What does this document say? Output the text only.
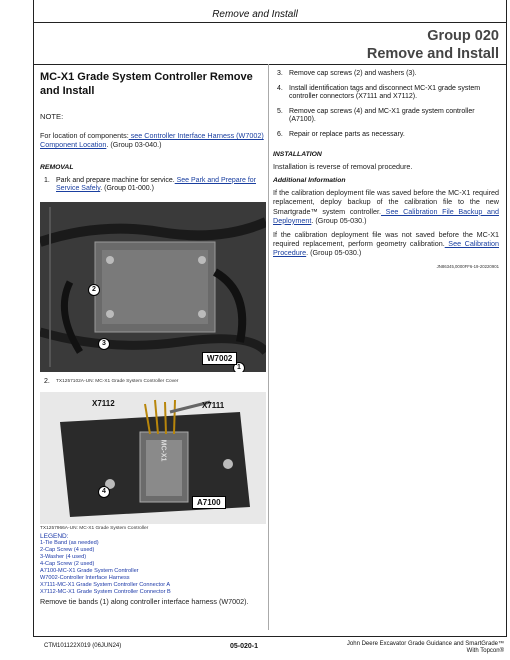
Remove and Install
Group 020
Remove and Install
MC-X1 Grade System Controller Remove and Install
NOTE:
For location of components: see Controller Interface Harness (W7002) Component Location. (Group 03-040.)
REMOVAL
1. Park and prepare machine for service. See Park and Prepare for Service Safely. (Group 01-000.)
2
3
1
W7002
2.	TX1257102A-UN: MC-X1 Grade System Controller Cover
X7112	X7111
4
A7100
MC-X1
TX1257966A-UN: MC-X1 Grade System Controller
LEGEND:
1-Tie Band (as needed)
2-Cap Screw (4 used)
3-Washer (4 used)
4-Cap Screw (2 used)
A7100-MC-X1 Grade System Controller
W7002-Controller Interface Harness
X7111-MC-X1 Grade System Controller Connector A
X7112-MC-X1 Grade System Controller Connector B
Remove tie bands (1) along controller interface harness (W7002).
3. Remove cap screws (2) and washers (3).
4. Install identification tags and disconnect MC-X1 grade system controller connectors (X7111 and X7112).
5. Remove cap screws (4) and MC-X1 grade system controller (A7100).
6. Repair or replace parts as necessary.
INSTALLATION
Installation is reverse of removal procedure.
Additional Information
If the calibration deployment file was saved before the MC-X1 required replacement, deploy backup of the calibration file to the new Smartgrade™ system controller. See Calibration File Backup and Deployment. (Group 05-030.)
If the calibration deployment file was not saved before the MC-X1 required replacement, perform geometry calibration. See Calibration Procedure. (Group 05-030.)
JN86345,0000FF6-19-20220901
CTM101122X019 (06JUN24)	05-020-1	John Deere Excavator Grade Guidance and SmartGrade™
With Topcon®
